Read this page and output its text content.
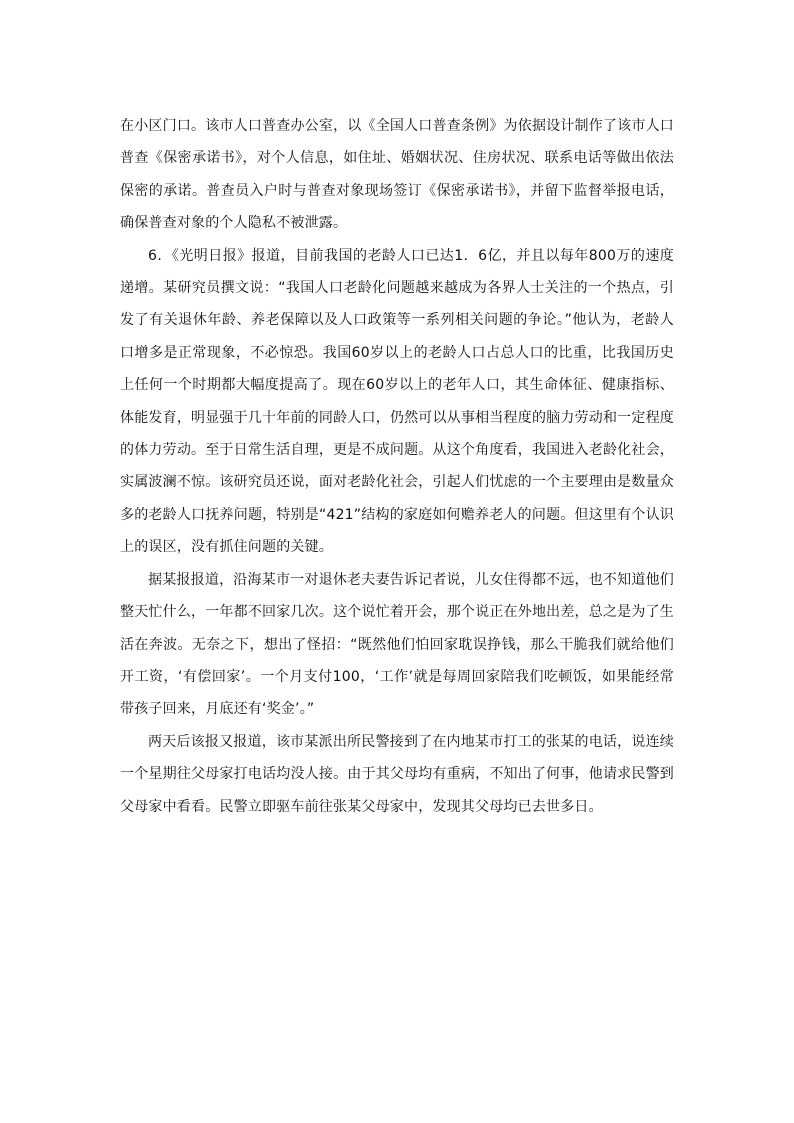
在小区门口。该市人口普查办公室，以《全国人口普查条例》为依据设计制作了该市人口普查《保密承诺书》，对个人信息，如住址、婚姻状况、住房状况、联系电话等做出依法保密的承诺。普查员入户时与普查对象现场签订《保密承诺书》，并留下监督举报电话，确保普查对象的个人隐私不被泄露。

6．《光明日报》报道，目前我国的老龄人口已达1．6亿，并且以每年800万的速度递增。某研究员撰文说：“我国人口老龄化问题越来越成为各界人士关注的一个热点，引发了有关退休年龄、养老保障以及人口政策等一系列相关问题的争论。”他认为，老龄人口增多是正常现象，不必惊恐。我国60岁以上的老龄人口占总人口的比重，比我国历史上任何一个时期都大幅度提高了。现在60岁以上的老年人口，其生命体征、健康指标、体能发育，明显强于几十年前的同龄人口，仍然可以从事相当程度的脑力劳动和一定程度的体力劳动。至于日常生活自理，更是不成问题。从这个角度看，我国进入老龄化社会，实属波澜不惊。该研究员还说，面对老龄化社会，引起人们忧虑的一个主要理由是数量众多的老龄人口抚养问题，特别是“421”结构的家庭如何赡养老人的问题。但这里有个认识上的误区，没有抓住问题的关键。

据某报报道，沿海某市一对退休老夫妻告诉记者说，儿女住得都不远，也不知道他们整天忙什么，一年都不回家几次。这个说忙着开会，那个说正在外地出差，总之是为了生活在奔波。无奈之下，想出了怪招：“既然他们怕回家耽误挣钱，那么干脆我们就给他们开工资，‘有偿回家’。一个月支付100，‘工作’就是每周回家陪我们吃顿饭，如果能经常带孩子回来，月底还有‘奖金’。”

两天后该报又报道，该市某派出所民警接到了在内地某市打工的张某的电话，说连续一个星期往父母家打电话均没人接。由于其父母均有重病，不知出了何事，他请求民警到父母家中看看。民警立即驱车前往张某父母家中，发现其父母均已去世多日。
